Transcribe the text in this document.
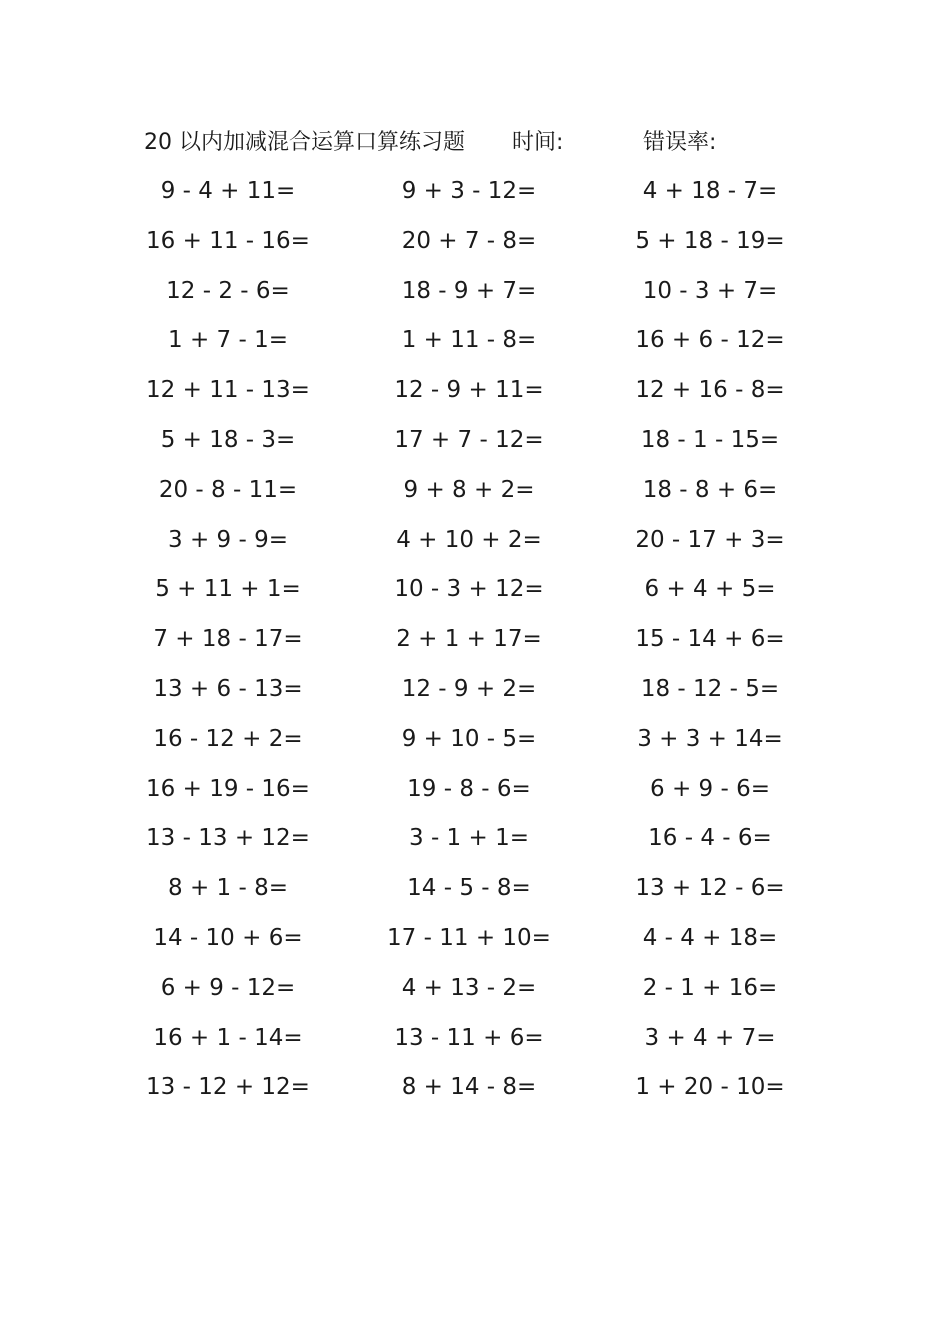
20 以内加减混合运算口算练习题 时间:	错误率:
9 - 4 + 11=	9 + 3 - 12=	4 + 18 - 7=
16 + 11 - 16=	20 + 7 - 8=	5 + 18 - 19=
12 - 2 - 6=	18 - 9 + 7=	10 - 3 + 7=
1 + 7 - 1=	1 + 11 - 8=	16 + 6 - 12=
12 + 11 - 13=	12 - 9 + 11=	12 + 16 - 8=
5 + 18 - 3=	17 + 7 - 12=	18 - 1 - 15=
20 - 8 - 11=	9 + 8 + 2=	18 - 8 + 6=
3 + 9 - 9=	4 + 10 + 2=	20 - 17 + 3=
5 + 11 + 1=	10 - 3 + 12=	6 + 4 + 5=
7 + 18 - 17=	2 + 1 + 17=	15 - 14 + 6=
13 + 6 - 13=	12 - 9 + 2=	18 - 12 - 5=
16 - 12 + 2=	9 + 10 - 5=	3 + 3 + 14=
16 + 19 - 16=	19 - 8 - 6=	6 + 9 - 6=
13 - 13 + 12=	3 - 1 + 1=	16 - 4 - 6=
8 + 1 - 8=	14 - 5 - 8=	13 + 12 - 6=
14 - 10 + 6=	17 - 11 + 10=	4 - 4 + 18=
6 + 9 - 12=	4 + 13 - 2=	2 - 1 + 16=
16 + 1 - 14=	13 - 11 + 6=	3 + 4 + 7=
13 - 12 + 12=	8 + 14 - 8=	1 + 20 - 10=
